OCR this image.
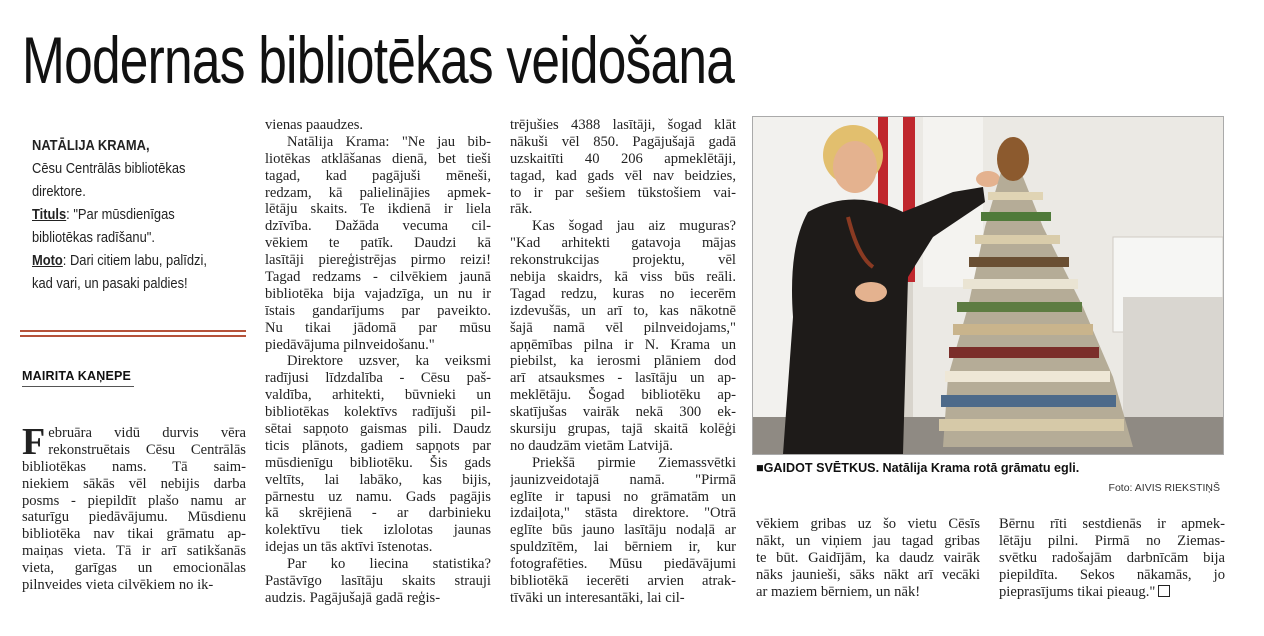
Modernas bibliotēkas veidošana
NATĀLIJA KRAMA,
Cēsu Centrālās bibliotēkas
direktore.
Tituls: "Par mūsdienīgas
bibliotēkas radīšanu".
Moto: Dari citiem labu, palīdzi,
kad vari, un pasaki paldies!
MAIRITA KAŅEPE
F ebruāra vidū durvis vēra
rekonstruētais Cēsu Centrālās
bibliotēkas nams. Tā saim-
niekiem sākās vēl nebijis darba
posms - piepildīt plašo namu ar
saturīgu piedāvājumu. Mūsdienu
bibliotēka nav tikai grāmatu ap-
maiņas vieta. Tā ir arī satikšanās
vieta, garīgas un emocionālas
pilnveides vieta cilvēkiem no ik-
vienas paaudzes.
Natālija Krama: "Ne jau bib-
liotēkas atklāšanas dienā, bet tieši
tagad, kad pagājuši mēneši,
redzam, kā palielinājies apmek-
lētāju skaits. Te ikdienā ir liela
dzīvība. Dažāda vecuma cil-
vēkiem te patīk. Daudzi kā
lasītāji piereģistrējas pirmo reizi!
Tagad redzams - cilvēkiem jaunā
bibliotēka bija vajadzīga, un nu ir
īstais gandarījums par paveikto.
Nu tikai jādomā par mūsu
piedāvājuma pilnveidošanu."
Direktore uzsver, ka veiksmi
radījusi līdzdalība - Cēsu paš-
valdība, arhitekti, būvnieki un
bibliotēkas kolektīvs radījuši pil-
sētai sapņoto gaismas pili. Daudz
ticis plānots, gadiem sapņots par
mūsdienīgu bibliotēku. Šis gads
veltīts, lai labāko, kas bijis,
pārnestu uz namu. Gads pagājis
kā skrējienā - ar darbinieku
kolektīvu tiek izlolotas jaunas
idejas un tās aktīvi īstenotas.
Par ko liecina statistika?
Pastāvīgo lasītāju skaits strauji
audzis. Pagājušajā gadā reģis-
trējušies 4388 lasītāji, šogad klāt
nākuši vēl 850. Pagājušajā gadā
uzskaitīti 40 206 apmeklētāji,
tagad, kad gads vēl nav beidzies,
to ir par sešiem tūkstošiem vai-
rāk.
Kas šogad jau aiz muguras?
"Kad arhitekti gatavoja mājas
rekonstrukcijas projektu, vēl
nebija skaidrs, kā viss būs reāli.
Tagad redzu, kuras no iecerēm
izdevušās, un arī to, kas nākotnē
šajā namā vēl pilnveidojams,"
apņēmības pilna ir N. Krama un
piebilst, ka ierosmi plāniem dod
arī atsauksmes - lasītāju un ap-
meklētāju. Šogad bibliotēku ap-
skatījušas vairāk nekā 300 ek-
skursiju grupas, tajā skaitā kolēģi
no daudzām vietām Latvijā.
Priekšā pirmie Ziemassvētki
jaunizveidotajā namā. "Pirmā
eglīte ir tapusi no grāmatām un
izdaiļota," stāsta direktore. "Otrā
eglīte būs jauno lasītāju nodaļā ar
spuldzītēm, lai bērniem ir, kur
fotografēties. Mūsu piedāvājumi
bibliotēkā iecerēti arvien atrak-
tīvāki un interesantāki, lai cil-
vēkiem gribas uz šo vietu Cēsīs
nākt, un viņiem jau tagad gribas
te būt. Gaidījām, ka daudz vairāk
nāks jaunieši, sāks nākt arī vecāki
ar maziem bērniem, un nāk!
Bērnu rīti sestdienās ir apmek-
lētāju pilni. Pirmā no Ziemas-
svētku radošajām darbnīcām bija
piepildīta. Sekos nākamās, jo
pieprasījums tikai pieaug."
■GAIDOT SVĒTKUS. Natālija Krama rotā grāmatu egli.
Foto: AIVIS RIEKSTIŅŠ
